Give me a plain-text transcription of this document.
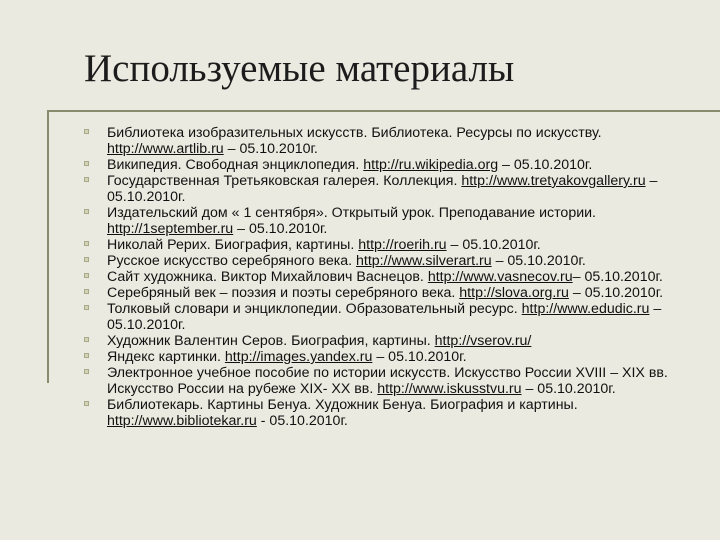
Используемые материалы
Библиотека изобразительных искусств. Библиотека. Ресурсы по искусству. http://www.artlib.ru – 05.10.2010г.
Википедия. Свободная энциклопедия. http://ru.wikipedia.org – 05.10.2010г.
Государственная Третьяковская галерея. Коллекция. http://www.tretyakovgallery.ru – 05.10.2010г.
Издательский дом « 1 сентября». Открытый урок. Преподавание истории. http://1september.ru – 05.10.2010г.
Николай Рерих. Биография, картины. http://roerih.ru – 05.10.2010г.
Русское искусство серебряного века. http://www.silverart.ru – 05.10.2010г.
Сайт художника. Виктор Михайлович Васнецов. http://www.vasnecov.ru– 05.10.2010г.
Серебряный век – поэзия и поэты серебряного века. http://slova.org.ru – 05.10.2010г.
Толковый словари и энциклопедии. Образовательный ресурс. http://www.edudic.ru – 05.10.2010г.
Художник Валентин Серов. Биография, картины. http://vserov.ru/
Яндекс картинки. http://images.yandex.ru – 05.10.2010г.
Электронное учебное пособие по истории искусств. Искусство России XVIII – XIX вв. Искусство России на рубеже XIX- XX вв. http://www.iskusstvu.ru – 05.10.2010г.
Библиотекарь. Картины Бенуа. Художник Бенуа. Биография и картины. http://www.bibliotekar.ru - 05.10.2010г.
